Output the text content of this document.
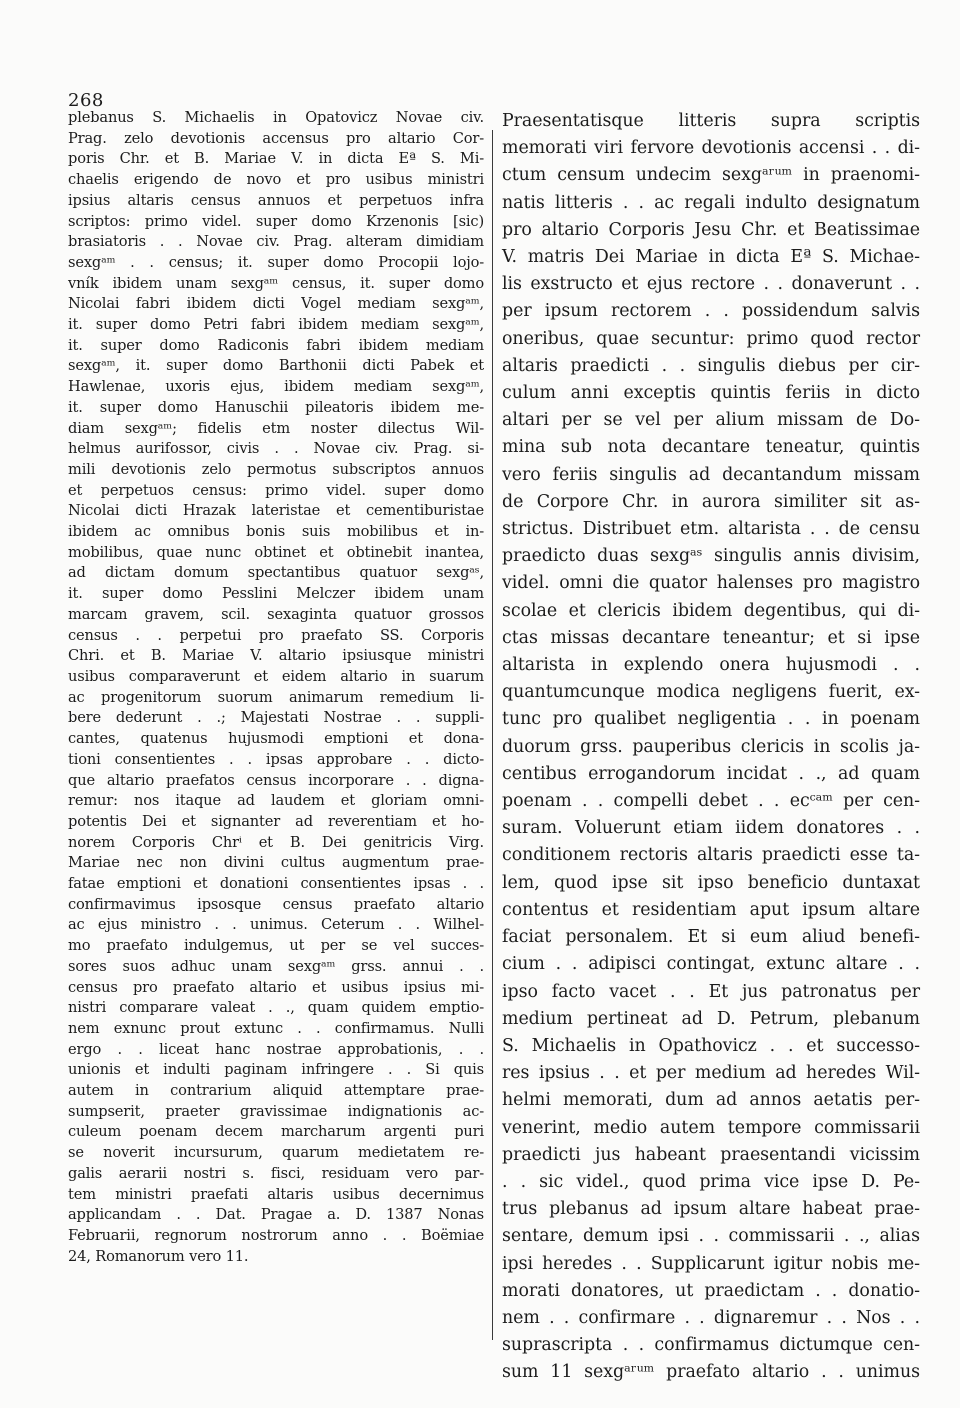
268
plebanus S. Michaelis in Opatovicz Novae civ.
Prag. zelo devotionis accensus pro altario Cor-
poris Chr. et B. Mariae V. in dicta Eª S. Mi-
chaelis erigendo de novo et pro usibus ministri
ipsius altaris census annuos et perpetuos infra
scriptos: primo videl. super domo Krzenonis [sic)
brasiatoris . . Novae civ. Prag. alteram dimidiam
sexgᵃᵐ . . census; it. super domo Procopii lojo-
vník ibidem unam sexgᵃᵐ census, it. super domo
Nicolai fabri ibidem dicti Vogel mediam sexgᵃᵐ,
it. super domo Petri fabri ibidem mediam sexgᵃᵐ,
it. super domo Radiconis fabri ibidem mediam
sexgᵃᵐ, it. super domo Barthonii dicti Pabek et
Hawlenae, uxoris ejus, ibidem mediam sexgᵃᵐ,
it. super domo Hanuschii pileatoris ibidem me-
diam sexgᵃᵐ; fidelis etm noster dilectus Wil-
helmus aurifossor, civis . . Novae civ. Prag. si-
mili devotionis zelo permotus subscriptos annuos
et perpetuos census: primo videl. super domo
Nicolai dicti Hrazak lateristae et cementiburistae
ibidem ac omnibus bonis suis mobilibus et in-
mobilibus, quae nunc obtinet et obtinebit inantea,
ad dictam domum spectantibus quatuor sexgᵃˢ,
it. super domo Pesslini Melczer ibidem unam
marcam gravem, scil. sexaginta quatuor grossos
census . . perpetui pro praefato SS. Corporis
Chri. et B. Mariae V. altario ipsiusque ministri
usibus comparaverunt et eidem altario in suarum
ac progenitorum suorum animarum remedium li-
bere dederunt . .; Majestati Nostrae . . suppli-
cantes, quatenus hujusmodi emptioni et dona-
tioni consentientes . . ipsas approbare . . dicto-
que altario praefatos census incorporare . . digna-
remur: nos itaque ad laudem et gloriam omni-
potentis Dei et signanter ad reverentiam et ho-
norem Corporis Chrⁱ et B. Dei genitricis Virg.
Mariae nec non divini cultus augmentum prae-
fatae emptioni et donationi consentientes ipsas . .
confirmavimus ipsosque census praefato altario
ac ejus ministro . . unimus. Ceterum . . Wilhel-
mo praefato indulgemus, ut per se vel succes-
sores suos adhuc unam sexgᵃᵐ grss. annui . .
census pro praefato altario et usibus ipsius mi-
nistri comparare valeat . ., quam quidem emptio-
nem exnunc prout extunc . . confirmamus. Nulli
ergo . . liceat hanc nostrae approbationis, . .
unionis et indulti paginam infringere . . Si quis
autem in contrarium aliquid attemptare prae-
sumpserit, praeter gravissimae indignationis ac-
culeum poenam decem marcharum argenti puri
se noverit incursurum, quarum medietatem re-
galis aerarii nostri s. fisci, residuam vero par-
tem ministri praefati altaris usibus decernimus
applicandam . . Dat. Pragae a. D. 1387 Nonas
Februarii, regnorum nostrorum anno . . Boëmiae
24, Romanorum vero 11.
Praesentatisque litteris supra scriptis
memorati viri fervore devotionis accensi . . di-
ctum censum undecim sexgᵃʳᵘᵐ in praenomi-
natis litteris . . ac regali indulto designatum
pro altario Corporis Jesu Chr. et Beatissimae
V. matris Dei Mariae in dicta Eª S. Michae-
lis exstructo et ejus rectore . . donaverunt . .
per ipsum rectorem . . possidendum salvis
oneribus, quae secuntur: primo quod rector
altaris praedicti . . singulis diebus per cir-
culum anni exceptis quintis feriis in dicto
altari per se vel per alium missam de Do-
mina sub nota decantare teneatur, quintis
vero feriis singulis ad decantandum missam
de Corpore Chr. in aurora similiter sit as-
strictus. Distribuet etm. altarista . . de censu
praedicto duas sexgᵃˢ singulis annis divisim,
videl. omni die quator halenses pro magistro
scolae et clericis ibidem degentibus, qui di-
ctas missas decantare teneantur; et si ipse
altarista in explendo onera hujusmodi . .
quantumcunque modica negligens fuerit, ex-
tunc pro qualibet negligentia . . in poenam
duorum grss. pauperibus clericis in scolis ja-
centibus errogandorum incidat . ., ad quam
poenam . . compelli debet . . ecᶜᵃᵐ per cen-
suram. Voluerunt etiam iidem donatores . .
conditionem rectoris altaris praedicti esse ta-
lem, quod ipse sit ipso beneficio duntaxat
contentus et residentiam aput ipsum altare
faciat personalem. Et si eum aliud benefi-
cium . . adipisci contingat, extunc altare . .
ipso facto vacet . . Et jus patronatus per
medium pertineat ad D. Petrum, plebanum
S. Michaelis in Opathovicz . . et successo-
res ipsius . . et per medium ad heredes Wil-
helmi memorati, dum ad annos aetatis per-
venerint, medio autem tempore commissarii
praedicti jus habeant praesentandi vicissim
. . sic videl., quod prima vice ipse D. Pe-
trus plebanus ad ipsum altare habeat prae-
sentare, demum ipsi . . commissarii . ., alias
ipsi heredes . . Supplicarunt igitur nobis me-
morati donatores, ut praedictam . . donatio-
nem . . confirmare . . dignaremur . . Nos . .
suprascripta . . confirmamus dictumque cen-
sum 11 sexgᵃʳᵘᵐ praefato altario . . unimus
